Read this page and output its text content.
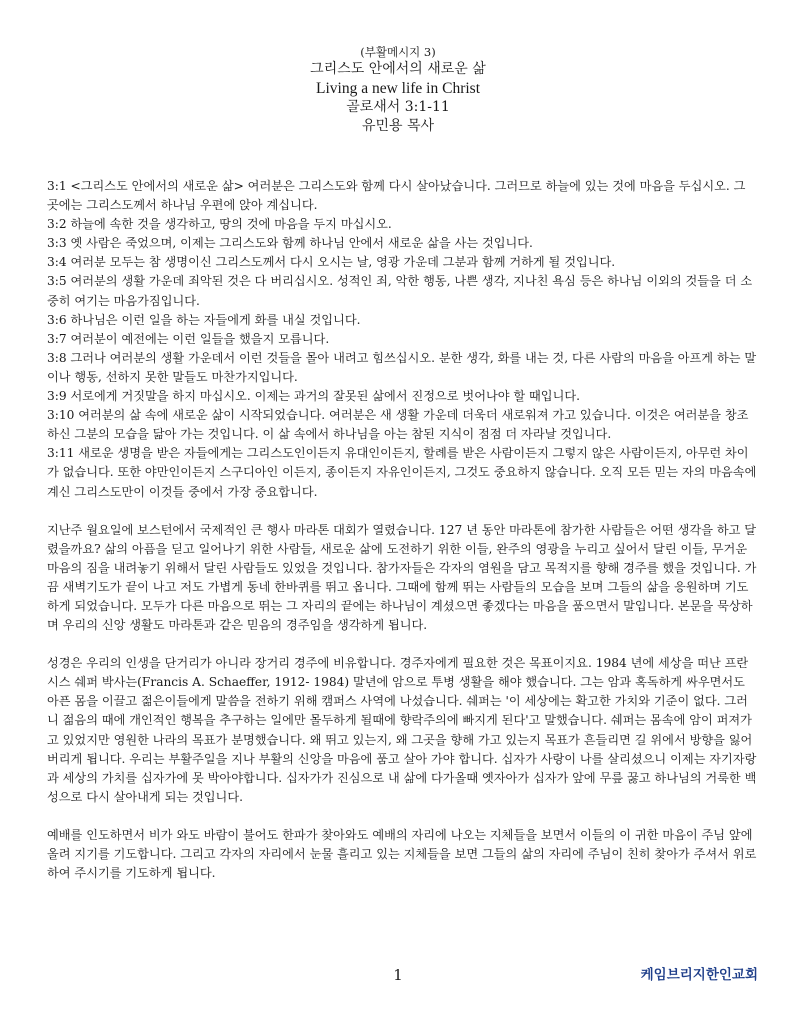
(부활메시지 3)
그리스도 안에서의 새로운 삶
Living a new life in Christ
골로새서 3:1-11
유민용 목사

3:1 <그리스도 안에서의 새로운 삶> 여러분은 그리스도와 함께 다시 살아났습니다. 그러므로 하늘에 있는 것에 마음을 두십시오. 그곳에는 그리스도께서 하나님 우편에 앉아 계십니다.

3:2 하늘에 속한 것을 생각하고, 땅의 것에 마음을 두지 마십시오.

3:3 옛 사람은 죽었으며, 이제는 그리스도와 함께 하나님 안에서 새로운 삶을 사는 것입니다.

3:4 여러분 모두는 참 생명이신 그리스도께서 다시 오시는 날, 영광 가운데 그분과 함께 거하게 될 것입니다.

3:5 여러분의 생활 가운데 죄악된 것은 다 버리십시오. 성적인 죄, 악한 행동, 나쁜 생각, 지나친 욕심 등은 하나님 이외의 것들을 더 소중히 여기는 마음가짐입니다.

3:6 하나님은 이런 일을 하는 자들에게 화를 내실 것입니다.

3:7 여러분이 예전에는 이런 일들을 했을지 모릅니다.

3:8 그러나 여러분의 생활 가운데서 이런 것들을 몰아 내려고 힘쓰십시오. 분한 생각, 화를 내는 것, 다른 사람의 마음을 아프게 하는 말이나 행동, 선하지 못한 말들도 마찬가지입니다.

3:9 서로에게 거짓말을 하지 마십시오. 이제는 과거의 잘못된 삶에서 진정으로 벗어나야 할 때입니다.

3:10 여러분의 삶 속에 새로운 삶이 시작되었습니다. 여러분은 새 생활 가운데 더욱더 새로워져 가고 있습니다. 이것은 여러분을 창조하신 그분의 모습을 닮아 가는 것입니다. 이 삶 속에서 하나님을 아는 참된 지식이 점점 더 자라날 것입니다.

3:11 새로운 생명을 받은 자들에게는 그리스도인이든지 유대인이든지, 할례를 받은 사람이든지 그렇지 않은 사람이든지, 아무런 차이가 없습니다. 또한 야만인이든지 스구디아인 이든지, 종이든지 자유인이든지, 그것도 중요하지 않습니다. 오직 모든 믿는 자의 마음속에 계신 그리스도만이 이것들 중에서 가장 중요합니다.

지난주 월요일에 보스턴에서 국제적인 큰 행사 마라톤 대회가 열렸습니다. 127 년 동안 마라톤에 참가한 사람들은 어떤 생각을 하고 달렸을까요? 삶의 아픔을 딛고 일어나기 위한 사람들, 새로운 삶에 도전하기 위한 이들, 완주의 영광을 누리고 싶어서 달린 이들, 무거운 마음의 짐을 내려놓기 위해서 달린 사람들도 있었을 것입니다. 참가자들은 각자의 염원을 담고 목적지를 향해 경주를 했을 것입니다. 가끔 새벽기도가 끝이 나고 저도 가볍게 동네 한바퀴를 뛰고 옵니다. 그때에 함께 뛰는 사람들의 모습을 보며 그들의 삶을 응원하며 기도하게 되었습니다. 모두가 다른 마음으로 뛰는 그 자리의 끝에는 하나님이 계셨으면 좋겠다는 마음을 품으면서 말입니다. 본문을 묵상하며 우리의 신앙 생활도 마라톤과 같은 믿음의 경주임을 생각하게 됩니다.

성경은 우리의 인생을 단거리가 아니라 장거리 경주에 비유합니다. 경주자에게 필요한 것은 목표이지요. 1984 년에 세상을 떠난 프란시스 쉐퍼 박사는(Francis A. Schaeffer, 1912- 1984) 말년에 암으로 투병 생활을 해야 했습니다. 그는 암과 혹독하게 싸우면서도 아픈 몸을 이끌고 젊은이들에게 말씀을 전하기 위해 캠퍼스 사역에 나섰습니다. 쉐퍼는 '이 세상에는 확고한 가치와 기준이 없다. 그러니 젊음의 때에 개인적인 행복을 추구하는 일에만 몰두하게 될때에 향락주의에 빠지게 된다'고 말했습니다. 쉐퍼는 몸속에 암이 퍼져가고 있었지만 영원한 나라의 목표가 분명했습니다. 왜 뛰고 있는지, 왜 그곳을 향해 가고 있는지 목표가 흔들리면 길 위에서 방향을 잃어버리게 됩니다. 우리는 부활주일을 지나 부활의 신앙을 마음에 품고 살아 가야 합니다. 십자가 사랑이 나를 살리셨으니 이제는 자기자랑과 세상의 가치를 십자가에 못 박아야합니다. 십자가가 진심으로 내 삶에 다가올때 옛자아가 십자가 앞에 무릎 꿇고 하나님의 거룩한 백성으로 다시 살아내게 되는 것입니다.

예배를 인도하면서 비가 와도 바람이 불어도 한파가 찾아와도 예배의 자리에 나오는 지체들을 보면서 이들의 이 귀한 마음이 주님 앞에 올려 지기를 기도합니다. 그리고 각자의 자리에서 눈물 흘리고 있는 지체들을 보면 그들의 삶의 자리에 주님이 친히 찾아가 주셔서 위로하여 주시기를 기도하게 됩니다.

1	케임브리지한인교회
